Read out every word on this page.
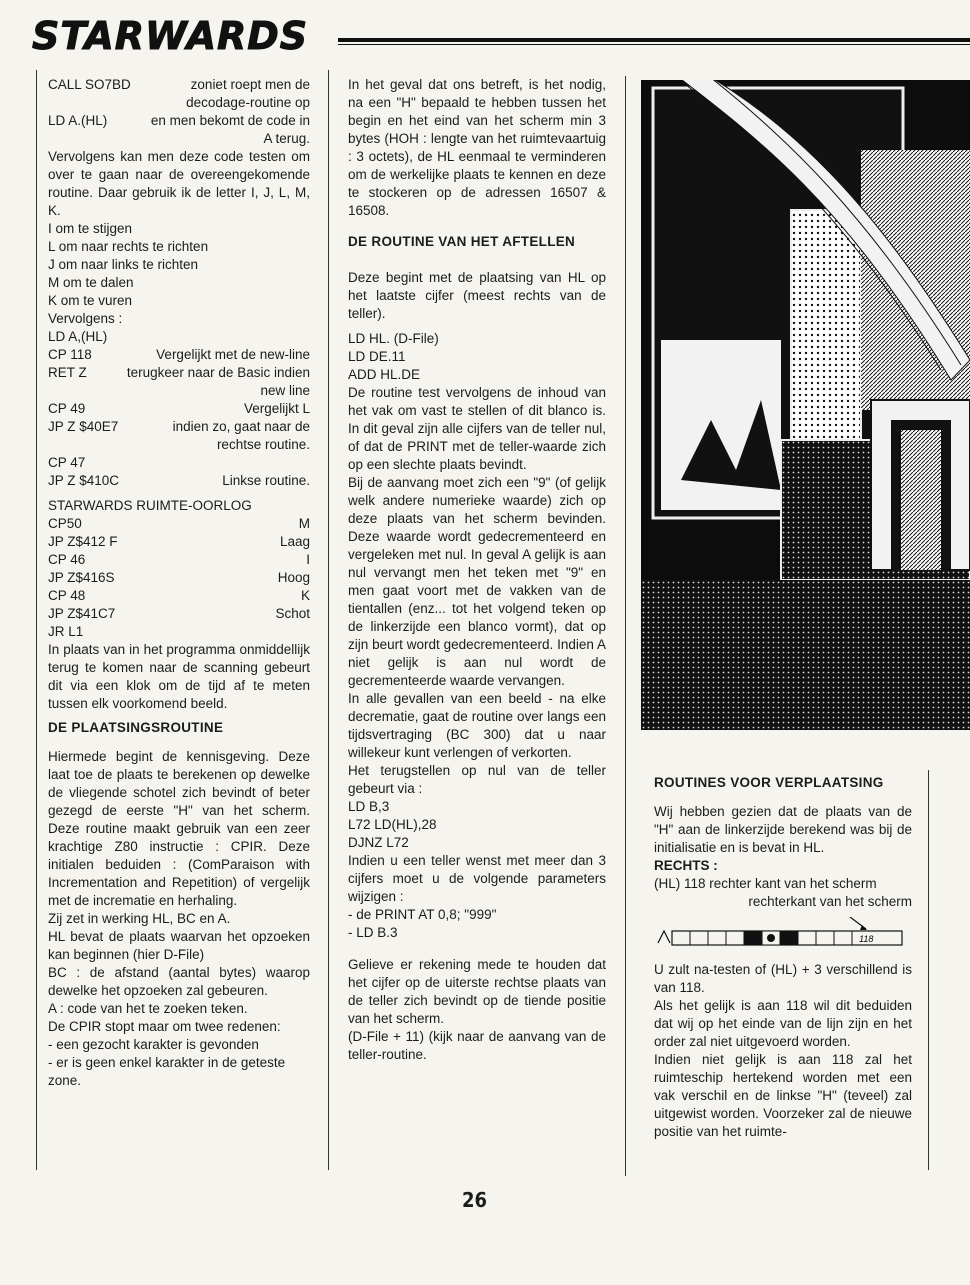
STARWARDS
CALL SO7BD	zoniet roept men de
decodage-routine op
LD A.(HL)	en men bekomt de code in
A terug.

Vervolgens kan men deze code testen om over te gaan naar de overeengekomende routine. Daar gebruik ik de letter I, J, L, M, K.

I om te stijgen
L om naar rechts te richten
J om naar links te richten
M om te dalen
K om te vuren
Vervolgens :
LD A,(HL)
CP 118	Vergelijkt met de new-line
RET Z	terugkeer naar de Basic indien
new line
CP 49	Vergelijkt L
JP Z $40E7	indien zo, gaat naar de
rechtse routine.
CP 47
JP Z $410C	Linkse routine.
STARWARDS RUIMTE-OORLOG
CP50	M
JP Z$412 F	Laag
CP 46	I
JP Z$416S	Hoog
CP 48	K
JP Z$41C7	Schot
JR L1

In plaats van in het programma onmiddellijk terug te komen naar de scanning gebeurt dit via een klok om de tijd af te meten tussen elk voorkomend beeld.

DE PLAATSINGSROUTINE

Hiermede begint de kennisgeving. Deze laat toe de plaats te berekenen op dewelke de vliegende schotel zich bevindt of beter gezegd de eerste "H" van het scherm. Deze routine maakt gebruik van een zeer krachtige Z80 instructie : CPIR. Deze initialen beduiden : (ComParaison with Incrementation and Repetition) of vergelijk met de incrematie en herhaling.

Zij zet in werking HL, BC en A.

HL bevat de plaats waarvan het opzoeken kan beginnen (hier D-File)

BC : de afstand (aantal bytes) waarop dewelke het opzoeken zal gebeuren.

A : code van het te zoeken teken.

De CPIR stopt maar om twee redenen:

- een gezocht karakter is gevonden

- er is geen enkel karakter in de geteste zone.

In het geval dat ons betreft, is het nodig, na een "H" bepaald te hebben tussen het begin en het eind van het scherm min 3 bytes (HOH : lengte van het ruimtevaartuig : 3 octets), de HL eenmaal te verminderen om de werkelijke plaats te kennen en deze te stockeren op de adressen 16507 & 16508.

DE ROUTINE VAN HET AFTELLEN

Deze begint met de plaatsing van HL op het laatste cijfer (meest rechts van de teller).

LD HL. (D-File)
LD DE.11
ADD HL.DE

De routine test vervolgens de inhoud van het vak om vast te stellen of dit blanco is. In dit geval zijn alle cijfers van de teller nul, of dat de PRINT met de teller-waarde zich op een slechte plaats bevindt.

Bij de aanvang moet zich een "9" (of gelijk welk andere numerieke waarde) zich op deze plaats van het scherm bevinden. Deze waarde wordt gedecrementeerd en vergeleken met nul. In geval A gelijk is aan nul vervangt men het teken met "9" en men gaat voort met de vakken van de tientallen (enz... tot het volgend teken op de linkerzijde een blanco vormt), dat op zijn beurt wordt gedecrementeerd. Indien A niet gelijk is aan nul wordt de gecrementeerde waarde vervangen.

In alle gevallen van een beeld - na elke decrematie, gaat de routine over langs een tijdsvertraging (BC 300) dat u naar willekeur kunt verlengen of verkorten.

Het terugstellen op nul van de teller gebeurt via :

LD B,3
L72 LD(HL),28
DJNZ L72

Indien u een teller wenst met meer dan 3 cijfers moet u de volgende parameters wijzigen :

- de PRINT AT 0,8; "999"
- LD B.3

Gelieve er rekening mede te houden dat het cijfer op de uiterste rechtse plaats van de teller zich bevindt op de tiende positie van het scherm.

(D-File + 11) (kijk naar de aanvang van de teller-routine.

ROUTINES VOOR VERPLAATSING

Wij hebben gezien dat de plaats van de "H" aan de linkerzijde berekend was bij de initialisatie en is bevat in HL.

RECHTS :

(HL) 118 rechter kant van het scherm

rechterkant van het scherm

118

U zult na-testen of (HL) + 3 verschillend is van 118.

Als het gelijk is aan 118 wil dit beduiden dat wij op het einde van de lijn zijn en het order zal niet uitgevoerd worden.

Indien niet gelijk is aan 118 zal het ruimteschip hertekend worden met een vak verschil en de linkse "H" (teveel) zal uitgewist worden. Voorzeker zal de nieuwe positie van het ruimte-

26
